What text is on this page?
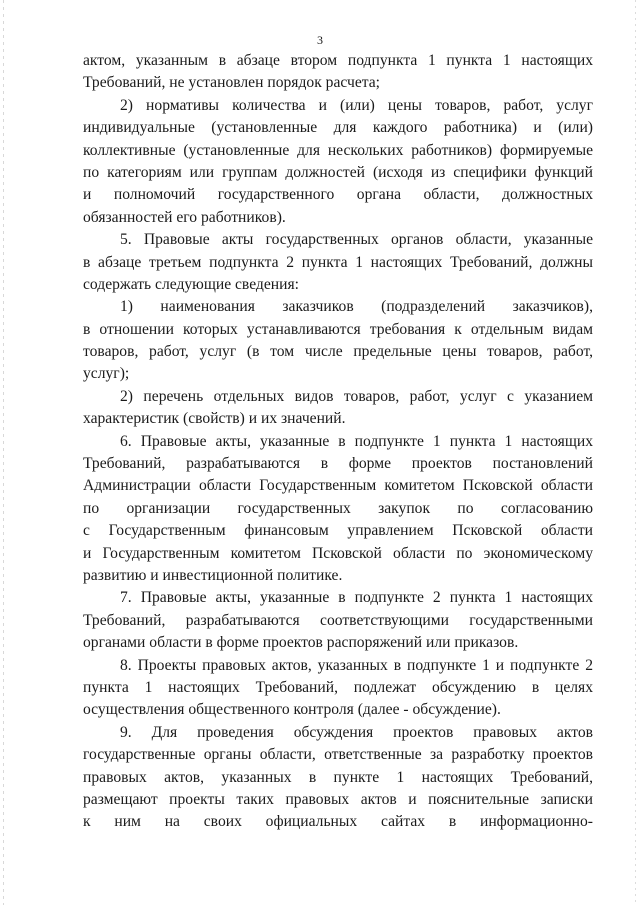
3
актом, указанным в абзаце втором подпункта 1 пункта 1 настоящих
Требований, не установлен порядок расчета;
2) нормативы количества и (или) цены товаров, работ, услуг
индивидуальные (установленные для каждого работника) и (или)
коллективные (установленные для нескольких работников) формируемые
по категориям или группам должностей (исходя из специфики функций
и полномочий государственного органа области, должностных
обязанностей его работников).
5. Правовые акты государственных органов области, указанные
в абзаце третьем подпункта 2 пункта 1 настоящих Требований, должны
содержать следующие сведения:
1) наименования заказчиков (подразделений заказчиков),
в отношении которых устанавливаются требования к отдельным видам
товаров, работ, услуг (в том числе предельные цены товаров, работ,
услуг);
2) перечень отдельных видов товаров, работ, услуг с указанием
характеристик (свойств) и их значений.
6. Правовые акты, указанные в подпункте 1 пункта 1 настоящих
Требований, разрабатываются в форме проектов постановлений
Администрации области Государственным комитетом Псковской области
по организации государственных закупок по согласованию
с Государственным финансовым управлением Псковской области
и Государственным комитетом Псковской области по экономическому
развитию и инвестиционной политике.
7. Правовые акты, указанные в подпункте 2 пункта 1 настоящих
Требований, разрабатываются соответствующими государственными
органами области в форме проектов распоряжений или приказов.
8. Проекты правовых актов, указанных в подпункте 1 и подпункте 2
пункта 1 настоящих Требований, подлежат обсуждению в целях
осуществления общественного контроля (далее - обсуждение).
9. Для проведения обсуждения проектов правовых актов
государственные органы области, ответственные за разработку проектов
правовых актов, указанных в пункте 1 настоящих Требований,
размещают проекты таких правовых актов и пояснительные записки
к ним на своих официальных сайтах в информационно-
